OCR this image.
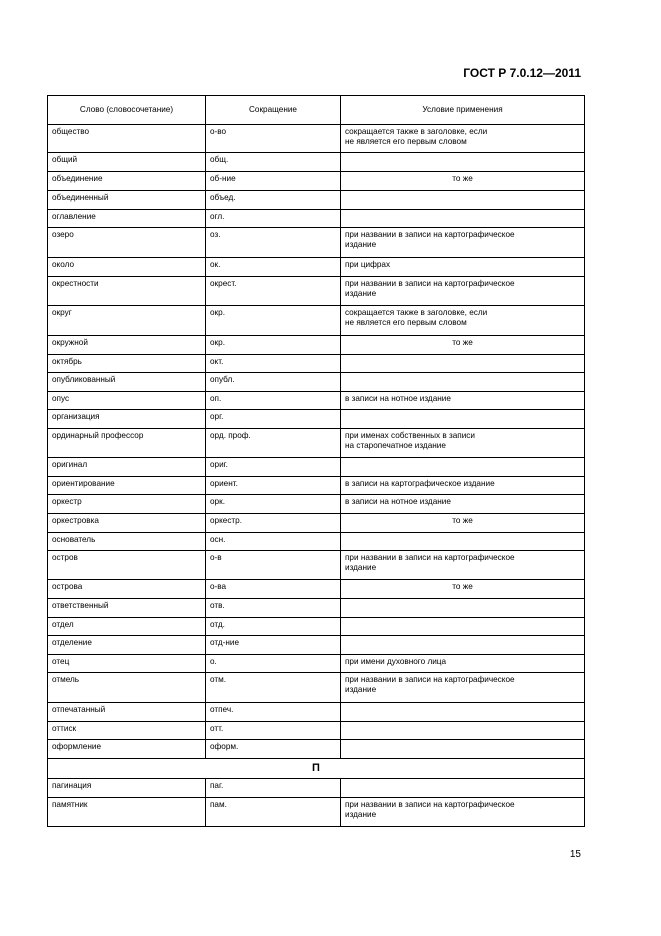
ГОСТ Р 7.0.12—2011
Слово (словосочетание)	Сокращение	Условие применения
общество	о-во	сокращается также в заголовке, если
не является его первым словом
общий	общ.	
объединение	об-ние	то же
объединенный	объед.	
оглавление	огл.	
озеро	оз.	при названии в записи на картографическое
издание
около	ок.	при цифрах
окрестности	окрест.	при названии в записи на картографическое
издание
округ	окр.	сокращается также в заголовке, если
не является его первым словом
окружной	окр.	то же
октябрь	окт.	
опубликованный	опубл.	
опус	оп.	в записи на нотное издание
организация	орг.	
ординарный профессор	орд. проф.	при именах собственных в записи
на старопечатное издание
оригинал	ориг.	
ориентирование	ориент.	в записи на картографическое издание
оркестр	орк.	в записи на нотное издание
оркестровка	оркестр.	то же
основатель	осн.	
остров	о-в	при названии в записи на картографическое
издание
острова	о-ва	то же
ответственный	отв.	
отдел	отд.	
отделение	отд-ние	
отец	о.	при имени духовного лица
отмель	отм.	при названии в записи на картографическое
издание
отпечатанный	отпеч.	
оттиск	отт.	
оформление	оформ.	
П		
пагинация	паг.	
памятник	пам.	при названии в записи на картографическое
издание
15
